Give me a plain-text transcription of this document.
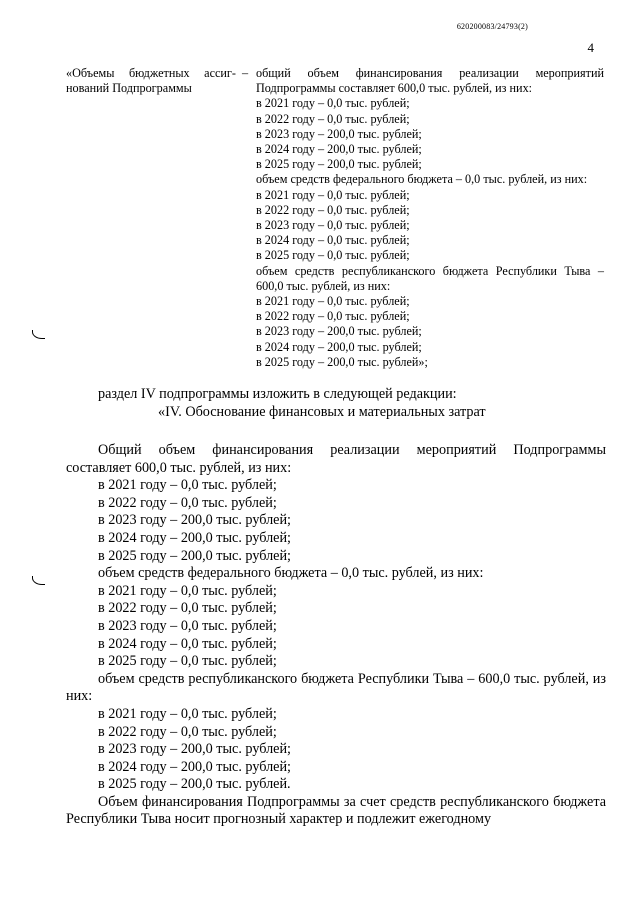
620200083/24793(2)
4
«Объемы бюджетных ассиг-нований Подпрограммы
– общий объем финансирования реализации мероприятий Подпрограммы составляет 600,0 тыс. рублей, из них:
в 2021 году – 0,0 тыс. рублей;
в 2022 году – 0,0 тыс. рублей;
в 2023 году – 200,0 тыс. рублей;
в 2024 году – 200,0 тыс. рублей;
в 2025 году – 200,0 тыс. рублей;
объем средств федерального бюджета – 0,0 тыс. рублей, из них:
в 2021 году – 0,0 тыс. рублей;
в 2022 году – 0,0 тыс. рублей;
в 2023 году – 0,0 тыс. рублей;
в 2024 году – 0,0 тыс. рублей;
в 2025 году – 0,0 тыс. рублей;
объем средств республиканского бюджета Республики Тыва – 600,0 тыс. рублей, из них:
в 2021 году – 0,0 тыс. рублей;
в 2022 году – 0,0 тыс. рублей;
в 2023 году – 200,0 тыс. рублей;
в 2024 году – 200,0 тыс. рублей;
в 2025 году – 200,0 тыс. рублей»;
раздел IV подпрограммы изложить в следующей редакции:
«IV. Обоснование финансовых и материальных затрат
Общий объем финансирования реализации мероприятий Подпрограммы составляет 600,0 тыс. рублей, из них:
в 2021 году – 0,0 тыс. рублей;
в 2022 году – 0,0 тыс. рублей;
в 2023 году – 200,0 тыс. рублей;
в 2024 году – 200,0 тыс. рублей;
в 2025 году – 200,0 тыс. рублей;
объем средств федерального бюджета – 0,0 тыс. рублей, из них:
в 2021 году – 0,0 тыс. рублей;
в 2022 году – 0,0 тыс. рублей;
в 2023 году – 0,0 тыс. рублей;
в 2024 году – 0,0 тыс. рублей;
в 2025 году – 0,0 тыс. рублей;
объем средств республиканского бюджета Республики Тыва – 600,0 тыс. рублей, из них:
в 2021 году – 0,0 тыс. рублей;
в 2022 году – 0,0 тыс. рублей;
в 2023 году – 200,0 тыс. рублей;
в 2024 году – 200,0 тыс. рублей;
в 2025 году – 200,0 тыс. рублей.
Объем финансирования Подпрограммы за счет средств республиканского бюджета Республики Тыва носит прогнозный характер и подлежит ежегодному
